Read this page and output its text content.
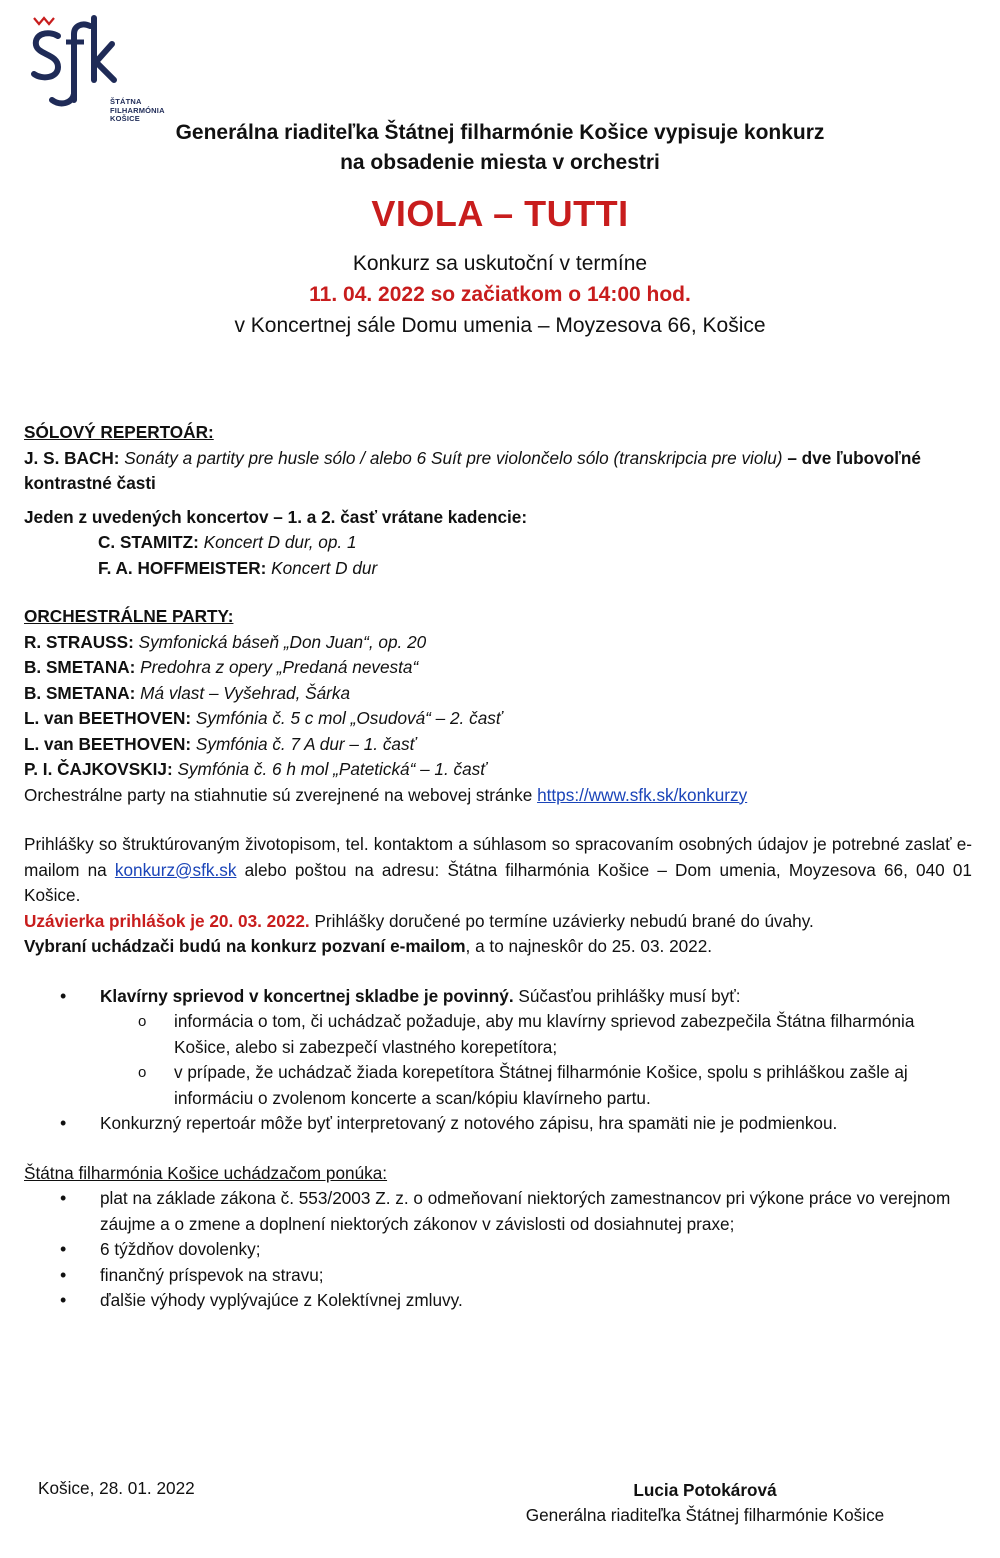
ŠTÁTNA
FILHARMÓNIA
KOŠICE
Generálna riaditeľka Štátnej filharmónie Košice vypisuje konkurz
na obsadenie miesta v orchestri
VIOLA – TUTTI
Konkurz sa uskutoční v termíne
11. 04. 2022 so začiatkom o 14:00 hod.
v Koncertnej sále Domu umenia – Moyzesova 66, Košice
SÓLOVÝ REPERTOÁR:
J. S. BACH: Sonáty a partity pre husle sólo / alebo 6 Suít pre violončelo sólo (transkripcia pre violu) – dve ľubovoľné kontrastné časti
Jeden z uvedených koncertov – 1. a 2. časť vrátane kadencie:
C. STAMITZ: Koncert D dur, op. 1
F. A. HOFFMEISTER: Koncert D dur
ORCHESTRÁLNE PARTY:
R. STRAUSS: Symfonická báseň „Don Juan“, op. 20
B. SMETANA: Predohra z opery „Predaná nevesta“
B. SMETANA: Má vlast – Vyšehrad, Šárka
L. van BEETHOVEN: Symfónia č. 5 c mol „Osudová“ – 2. časť
L. van BEETHOVEN: Symfónia č. 7 A dur – 1. časť
P. I. ČAJKOVSKIJ: Symfónia č. 6 h mol „Patetická“ – 1. časť
Orchestrálne party na stiahnutie sú zverejnené na webovej stránke https://www.sfk.sk/konkurzy
Prihlášky so štruktúrovaným životopisom, tel. kontaktom a súhlasom so spracovaním osobných údajov je potrebné zaslať e-mailom na konkurz@sfk.sk alebo poštou na adresu: Štátna filharmónia Košice – Dom umenia, Moyzesova 66, 040 01 Košice.
Uzávierka prihlášok je 20. 03. 2022. Prihlášky doručené po termíne uzávierky nebudú brané do úvahy.
Vybraní uchádzači budú na konkurz pozvaní e-mailom, a to najneskôr do 25. 03. 2022.
• Klavírny sprievod v koncertnej skladbe je povinný. Súčasťou prihlášky musí byť:
o informácia o tom, či uchádzač požaduje, aby mu klavírny sprievod zabezpečila Štátna filharmónia Košice, alebo si zabezpečí vlastného korepetítora;
o v prípade, že uchádzač žiada korepetítora Štátnej filharmónie Košice, spolu s prihláškou zašle aj informáciu o zvolenom koncerte a scan/kópiu klavírneho partu.
• Konkurzný repertoár môže byť interpretovaný z notového zápisu, hra spamäti nie je podmienkou.
Štátna filharmónia Košice uchádzačom ponúka:
• plat na základe zákona č. 553/2003 Z. z. o odmeňovaní niektorých zamestnancov pri výkone práce vo verejnom záujme a o zmene a doplnení niektorých zákonov v závislosti od dosiahnutej praxe;
• 6 týždňov dovolenky;
• finančný príspevok na stravu;
• ďalšie výhody vyplývajúce z Kolektívnej zmluvy.
Košice, 28. 01. 2022	Lucia Potokárová
Generálna riaditeľka Štátnej filharmónie Košice
